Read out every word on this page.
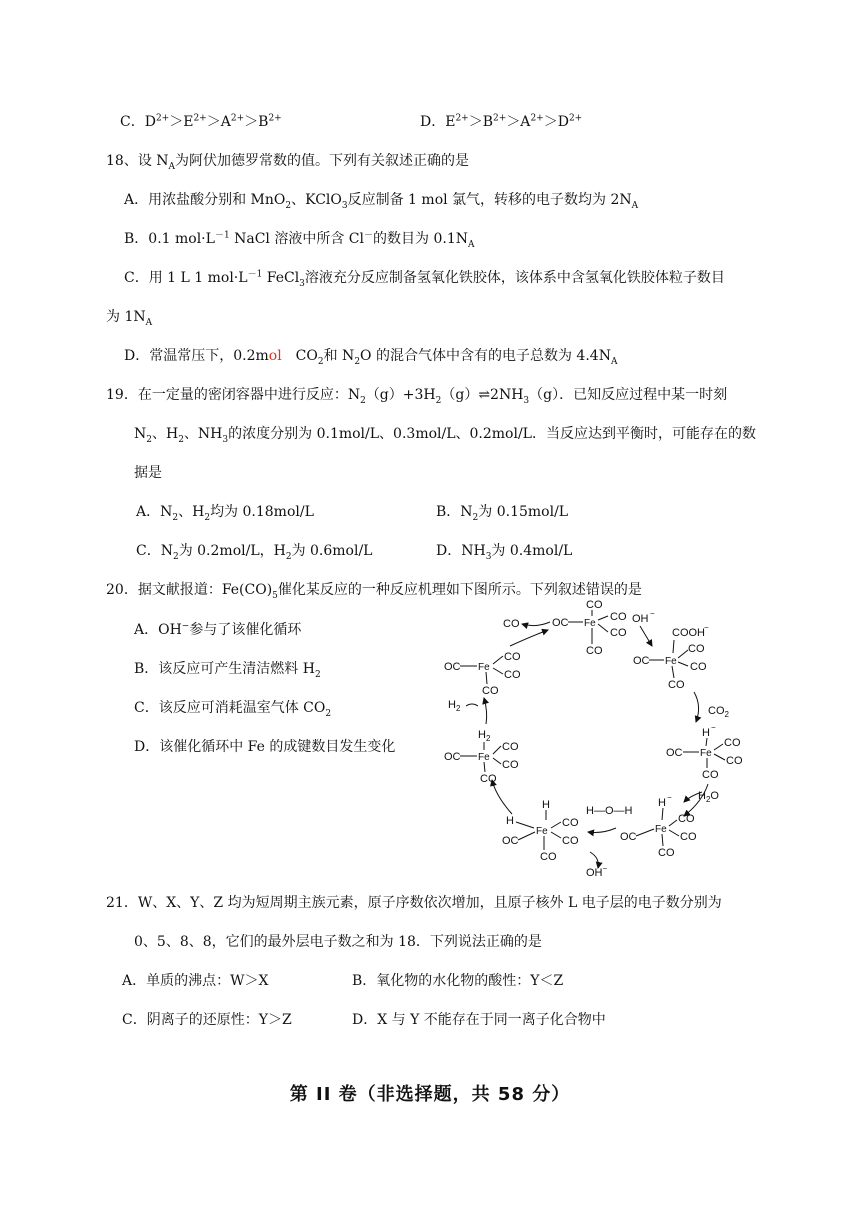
C．$D^{2+}>E^{2+}>A^{2+}>B^{2+}$	D．$E^{2+}>B^{2+}>A^{2+}>D^{2+}$
18、设 $N_A$为阿伏加德罗常数的值。下列有关叙述正确的是
A．用浓盐酸分别和 MnO$_2$、KClO$_3$反应制备 1 mol 氯气，转移的电子数均为 $2N_A$
B．0.1 $mol\cdot L^{-1}$ NaCl 溶液中所含 Cl－的数目为 $0.1N_A$
C．用 1 L 1 $mol\cdot L^{-1}$ FeCl$_3$溶液充分反应制备氢氧化铁胶体，该体系中含氢氧化铁胶体粒子数目
为 $1N_A$
D．常温常压下，0.2mol　$CO_2$和 $N_2O$ 的混合气体中含有的电子总数为 $4.4N_A$
19．在一定量的密闭容器中进行反应：$N_2(g)+3H_2(g)\rightleftharpoons 2NH_3(g)$．已知反应过程中某一时刻
$N_2$、$H_2$、$NH_3$的浓度分别为 0.1mol/L、0.3mol/L、0.2mol/L．当反应达到平衡时，可能存在的数
据是
A．$N_2$、$H_2$均为 0.18mol/L	B．$N_2$为 0.15mol/L
C．$N_2$为 0.2mol/L，$H_2$为 0.6mol/L	D．$NH_3$为 0.4mol/L
20．据文献报道：$Fe(CO)_5$催化某反应的一种反应机理如下图所示。下列叙述错误的是
A．OH−参与了该催化循环
B．该反应可产生清洁燃料 $H_2$
C．该反应可消耗温室气体 $CO_2$
D．该催化循环中 Fe 的成键数目发生变化
Fe
OC
CO
CO
CO
CO
CO	OH −
Fe
OC
COOH −
CO
CO
CO
$CO_2$
H −
Fe
OC
CO
CO
CO
$H_2O$
H −
Fe
OC
CO
CO
CO
H—O—H
OH−
H
H
Fe
OC
CO
CO
CO
$H_2$
Fe
OC
CO
CO
CO
$H_2$
Fe
OC
CO
CO
CO
21．W、X、Y、Z 均为短周期主族元素，原子序数依次增加，且原子核外 L 电子层的电子数分别为
0、5、8、8，它们的最外层电子数之和为 18．下列说法正确的是
A．单质的沸点：W＞X	B．氧化物的水化物的酸性：Y＜Z
C．阴离子的还原性：Y＞Z	D．X 与 Y 不能存在于同一离子化合物中
第 II 卷（非选择题，共 58 分）
